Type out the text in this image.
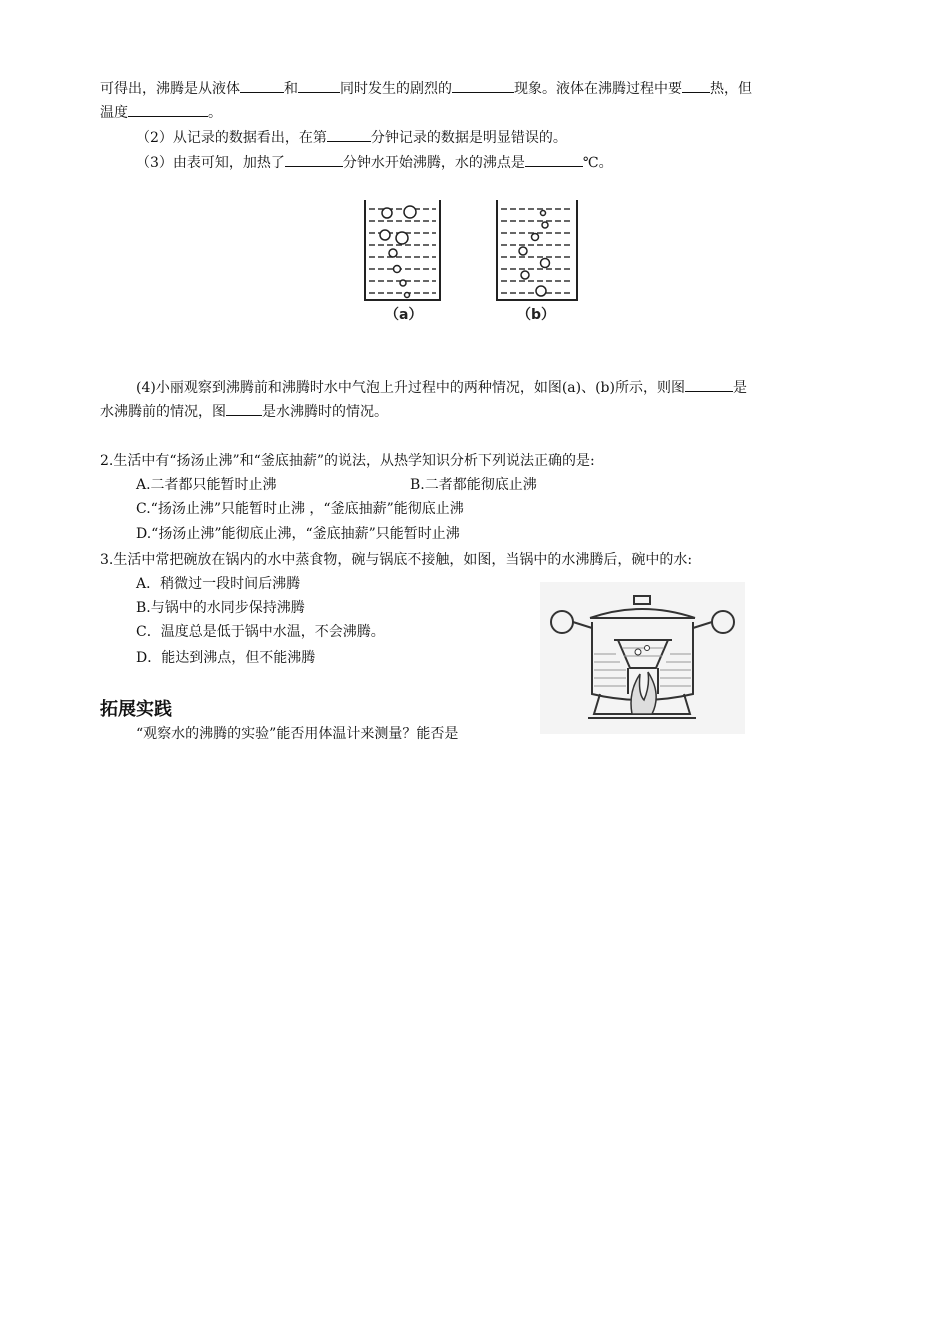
可得出，沸腾是从液体	和	同时发生的剧烈的	现象。液体在沸腾过程中要 热，但
温度	。
（2）从记录的数据看出，在第	分钟记录的数据是明显错误的。
（3）由表可知，加热了	分钟水开始沸腾，水的沸点是	℃。
（a）	（b）
(4)小丽观察到沸腾前和沸腾时水中气泡上升过程中的两种情况，如图(a)、(b)所示，则图	是
水沸腾前的情况，图	是水沸腾时的情况。
2.生活中有“扬汤止沸”和“釜底抽薪”的说法，从热学知识分析下列说法正确的是:
A.二者都只能暂时止沸	B.二者都能彻底止沸
C.“扬汤止沸”只能暂时止沸 ，“釜底抽薪”能彻底止沸
D.“扬汤止沸”能彻底止沸，“釜底抽薪”只能暂时止沸
3.生活中常把碗放在锅内的水中蒸食物，碗与锅底不接触，如图，当锅中的水沸腾后，碗中的水:
A．稍微过一段时间后沸腾
B.与锅中的水同步保持沸腾
C．温度总是低于锅中水温，不会沸腾。
D．能达到沸点，但不能沸腾
拓展实践
“观察水的沸腾的实验”能否用体温计来测量？能否是
